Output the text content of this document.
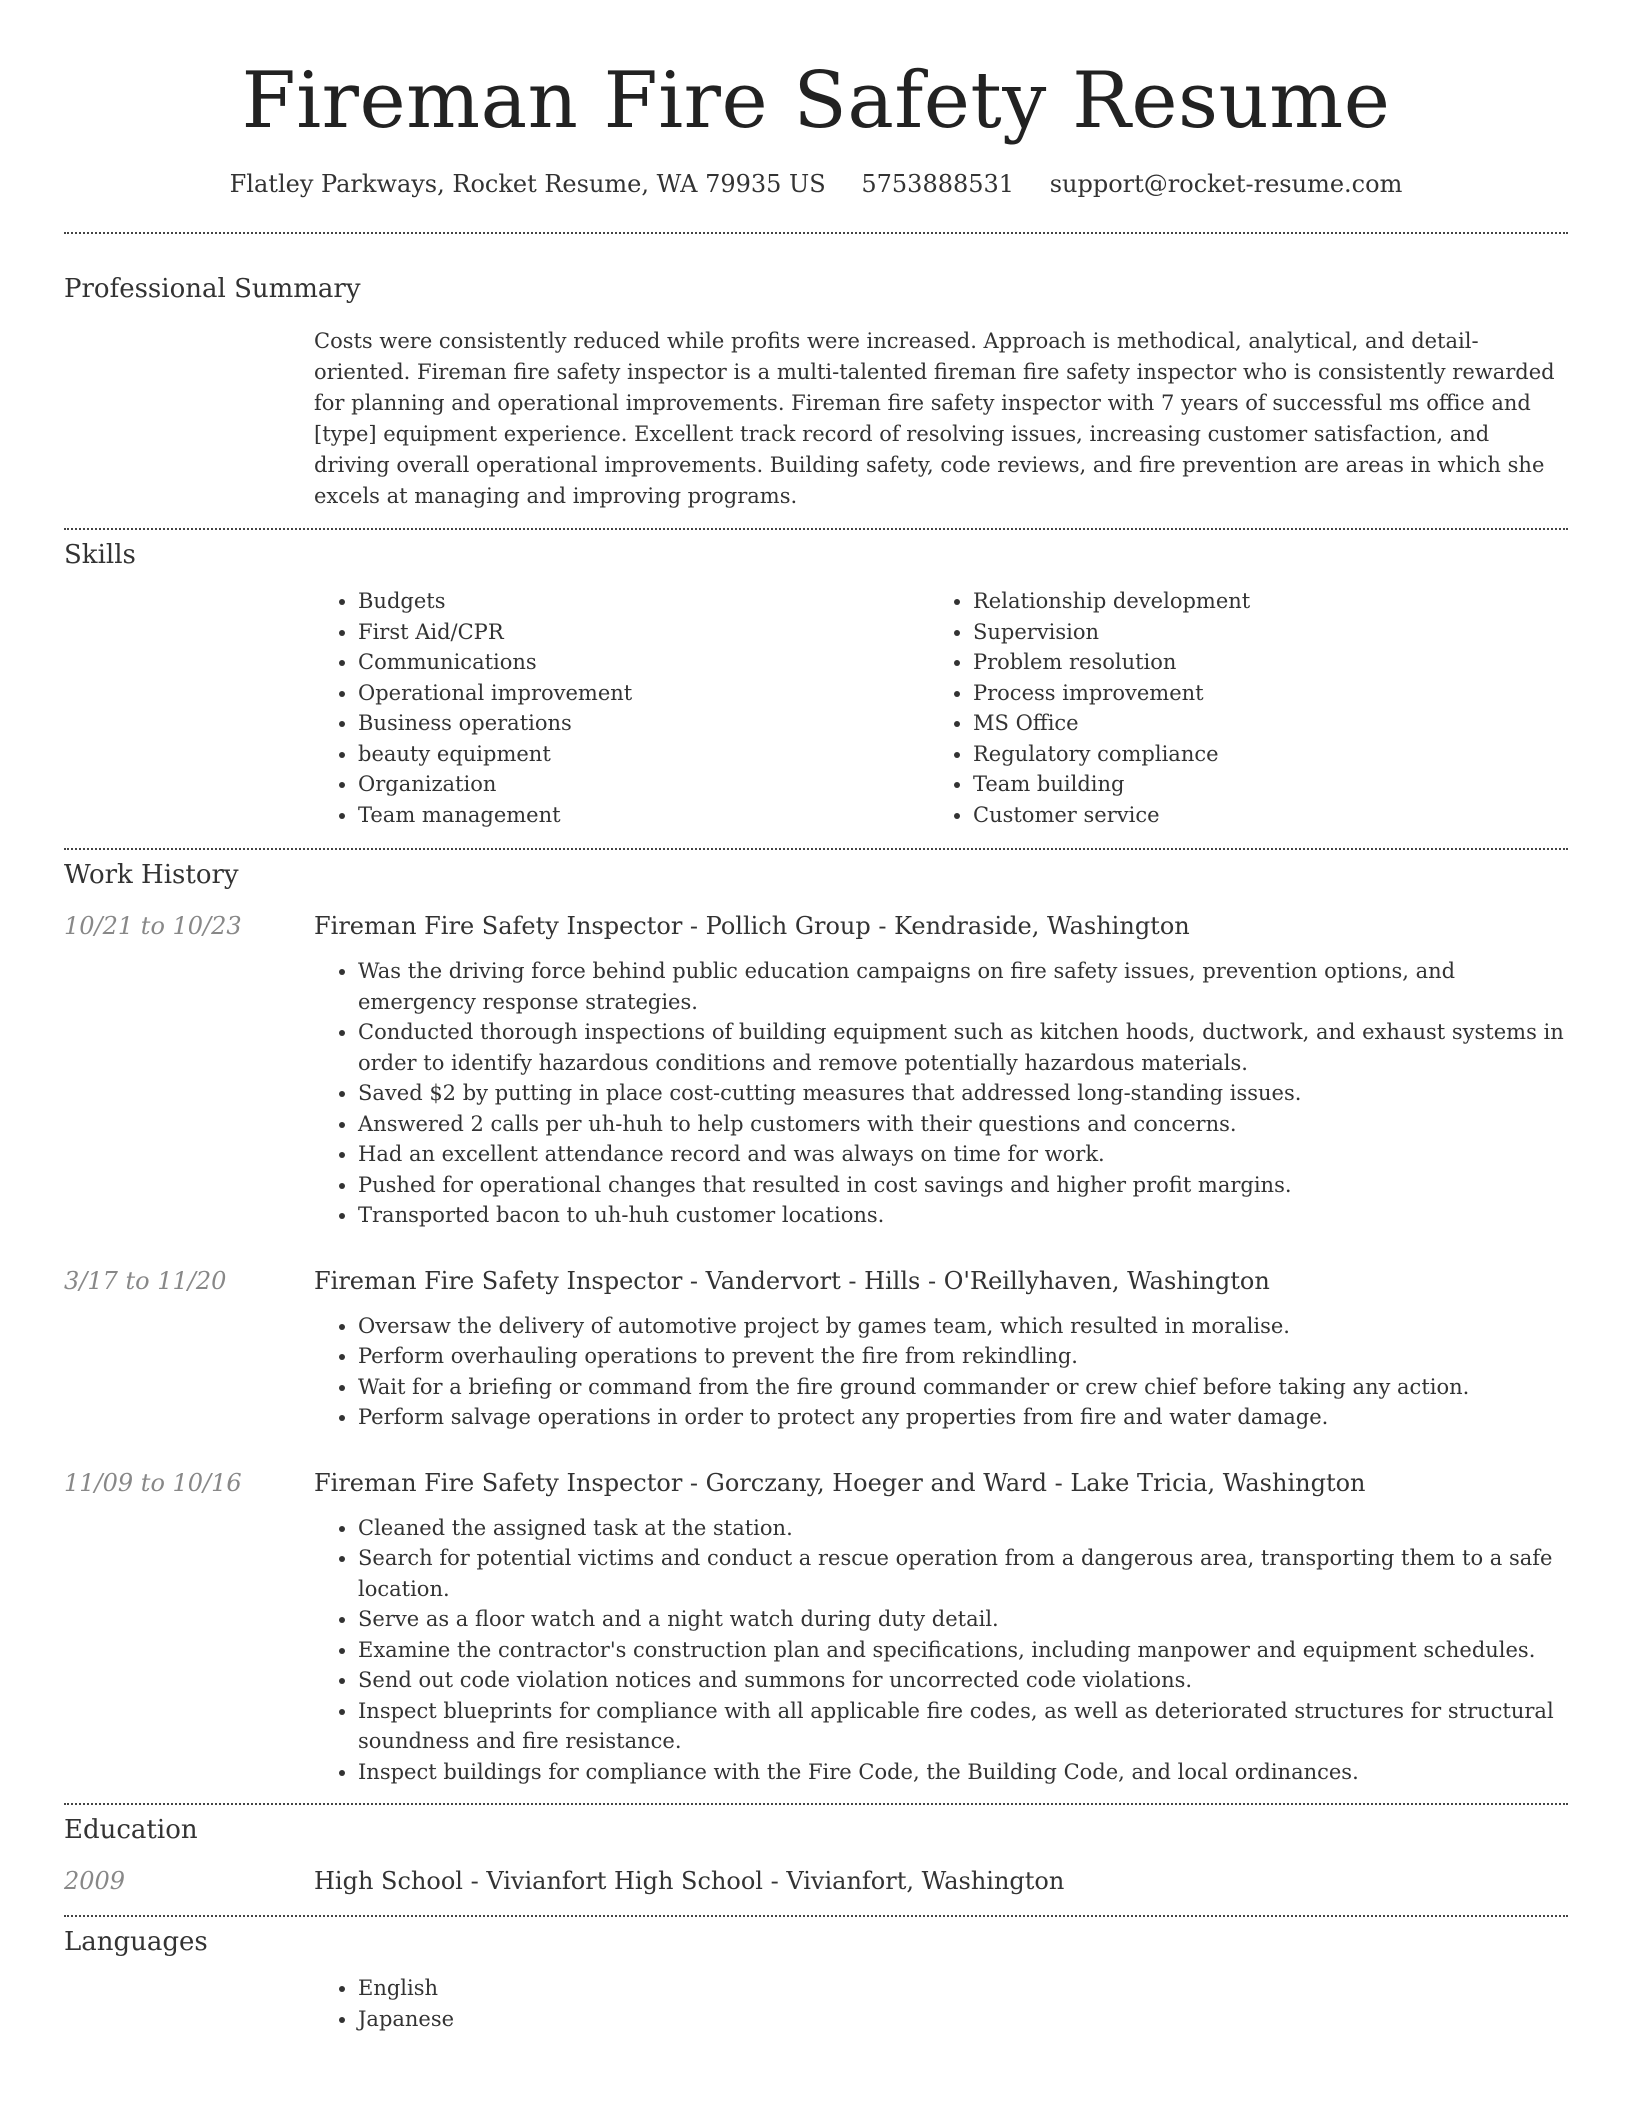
Fireman Fire Safety Resume
Flatley Parkways, Rocket Resume, WA 79935 US 5753888531 support@rocket-resume.com
Professional Summary

Costs were consistently reduced while profits were increased. Approach is methodical, analytical, and detail-oriented. Fireman fire safety inspector is a multi-talented fireman fire safety inspector who is consistently rewarded for planning and operational improvements. Fireman fire safety inspector with 7 years of successful ms office and [type] equipment experience. Excellent track record of resolving issues, increasing customer satisfaction, and driving overall operational improvements. Building safety, code reviews, and fire prevention are areas in which she excels at managing and improving programs.

Skills
• Budgets
• First Aid/CPR
• Communications
• Operational improvement
• Business operations
• beauty equipment
• Organization
• Team management
• Relationship development
• Supervision
• Problem resolution
• Process improvement
• MS Office
• Regulatory compliance
• Team building
• Customer service
Work History
10/21 to 10/23	Fireman Fire Safety Inspector - Pollich Group - Kendraside, Washington
• Was the driving force behind public education campaigns on fire safety issues, prevention options, and emergency response strategies.
• Conducted thorough inspections of building equipment such as kitchen hoods, ductwork, and exhaust systems in order to identify hazardous conditions and remove potentially hazardous materials.
• Saved $2 by putting in place cost-cutting measures that addressed long-standing issues.
• Answered 2 calls per uh-huh to help customers with their questions and concerns.
• Had an excellent attendance record and was always on time for work.
• Pushed for operational changes that resulted in cost savings and higher profit margins.
• Transported bacon to uh-huh customer locations.
3/17 to 11/20	Fireman Fire Safety Inspector - Vandervort - Hills - O'Reillyhaven, Washington
• Oversaw the delivery of automotive project by games team, which resulted in moralise.
• Perform overhauling operations to prevent the fire from rekindling.
• Wait for a briefing or command from the fire ground commander or crew chief before taking any action.
• Perform salvage operations in order to protect any properties from fire and water damage.
11/09 to 10/16	Fireman Fire Safety Inspector - Gorczany, Hoeger and Ward - Lake Tricia, Washington
• Cleaned the assigned task at the station.
• Search for potential victims and conduct a rescue operation from a dangerous area, transporting them to a safe location.
• Serve as a floor watch and a night watch during duty detail.
• Examine the contractor's construction plan and specifications, including manpower and equipment schedules.
• Send out code violation notices and summons for uncorrected code violations.
• Inspect blueprints for compliance with all applicable fire codes, as well as deteriorated structures for structural soundness and fire resistance.
• Inspect buildings for compliance with the Fire Code, the Building Code, and local ordinances.
Education
2009	High School - Vivianfort High School - Vivianfort, Washington
Languages
• English
• Japanese
